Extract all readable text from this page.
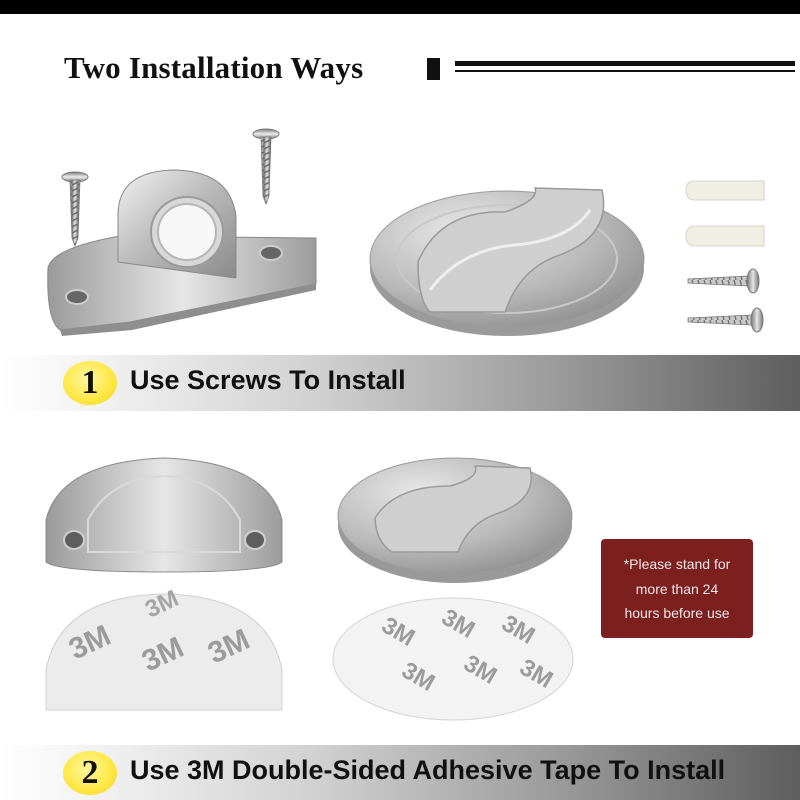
Two Installation Ways
3M 3M 3M
3M
3M 3M 3M
3M 3M 3M
1	Use Screws To Install
*Please stand for
more than 24
hours before use
2	Use 3M Double-Sided Adhesive Tape To Install
